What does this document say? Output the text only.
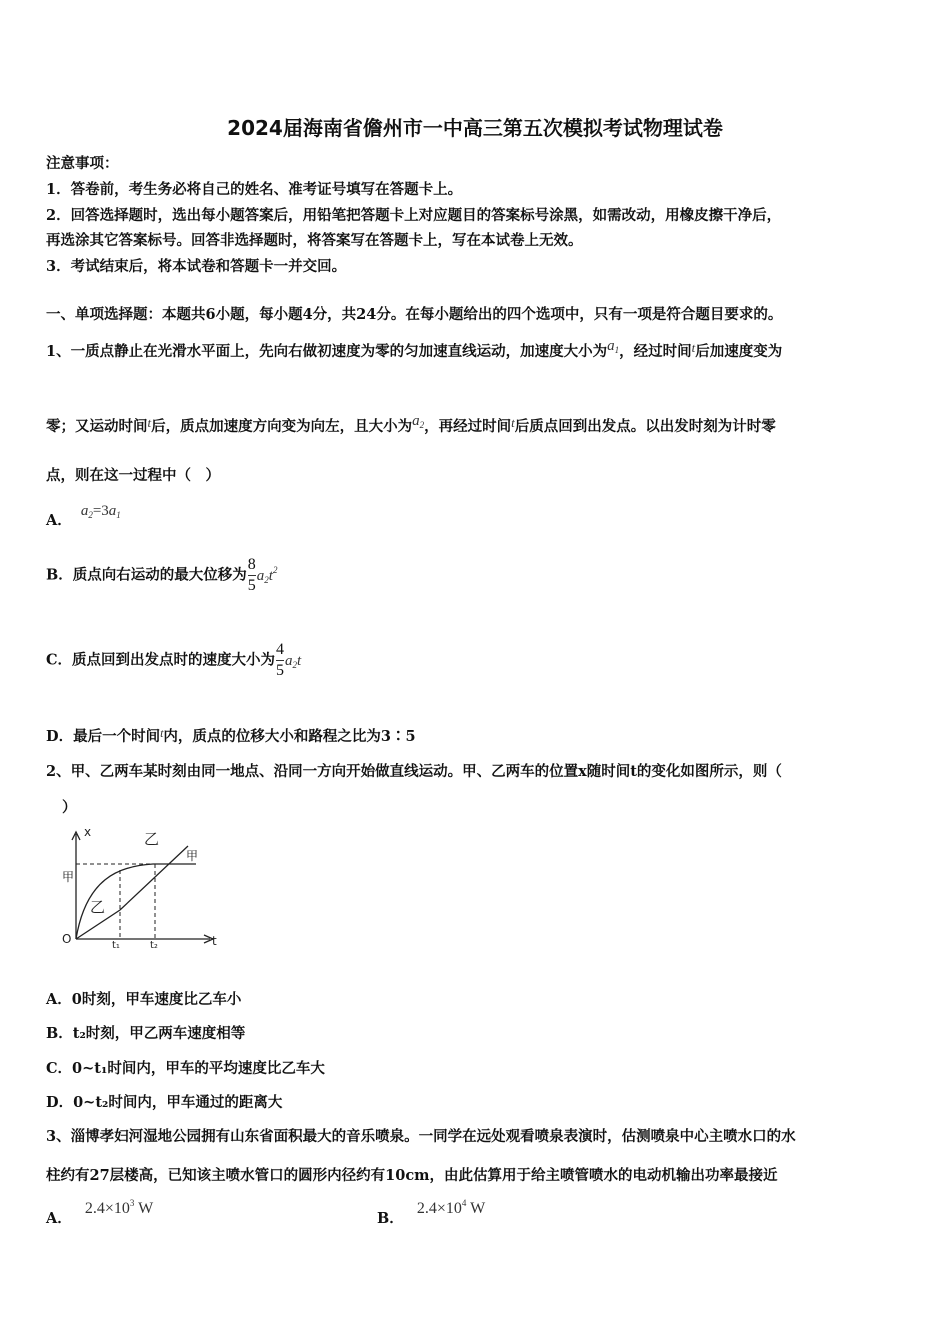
2024届海南省儋州市一中高三第五次模拟考试物理试卷
注意事项：
1．答卷前，考生务必将自己的姓名、准考证号填写在答题卡上。
2．回答选择题时，选出每小题答案后，用铅笔把答题卡上对应题目的答案标号涂黑，如需改动，用橡皮擦干净后，
再选涂其它答案标号。回答非选择题时，将答案写在答题卡上，写在本试卷上无效。
3．考试结束后，将本试卷和答题卡一并交回。
一、单项选择题：本题共6小题，每小题4分，共24分。在每小题给出的四个选项中，只有一项是符合题目要求的。
1、一质点静止在光滑水平面上，先向右做初速度为零的匀加速直线运动，加速度大小为$a_1$，经过时间t后加速度变为
零；又运动时间t后，质点加速度方向变为向左，且大小为$a_2$，再经过时间t后质点回到出发点。以出发时刻为计时零
点，则在这一过程中（　）
A． $a_2=3a_1$
B．质点向右运动的最大位移为 $\frac{8}{5} a_2t^2$
C．质点回到出发点时的速度大小为 $\frac{4}{5} a_2t$
D．最后一个时间$^t$内，质点的位移大小和路程之比为3∶5
2、甲、乙两车某时刻由同一地点、沿同一方向开始做直线运动。甲、乙两车的位置x随时间t的变化如图所示，则（
）
x
t
O	t₁	t₂
甲
甲
乙
乙
A．0时刻，甲车速度比乙车小
B．t₂时刻，甲乙两车速度相等
C．0~t₁时间内，甲车的平均速度比乙车大
D．0~t₂时间内，甲车通过的距离大
3、淄博孝妇河湿地公园拥有山东省面积最大的音乐喷泉。一同学在远处观看喷泉表演时，估测喷泉中心主喷水口的水
柱约有27层楼高，已知该主喷水管口的圆形内径约有10cm，由此估算用于给主喷管喷水的电动机输出功率最接近
A． $2.4\times 10^3$ W
B． $2.4\times 10^4$ W
